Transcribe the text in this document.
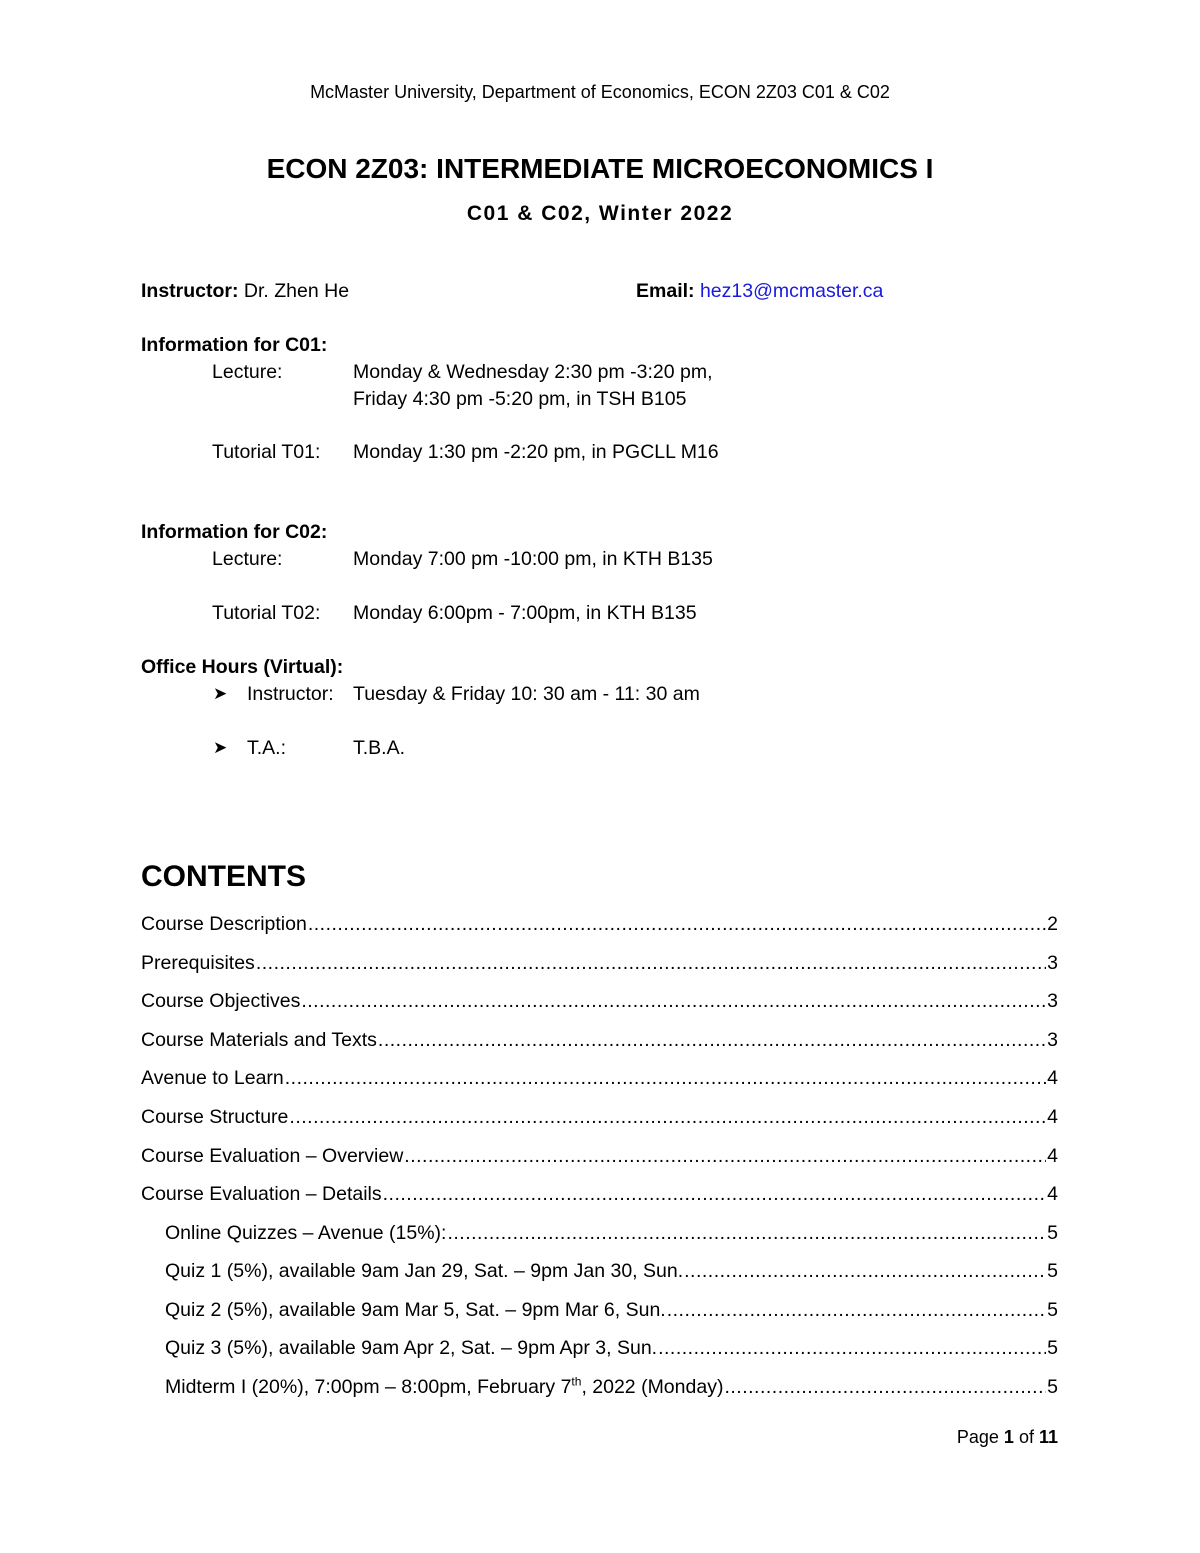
McMaster University, Department of Economics, ECON 2Z03 C01 & C02
ECON 2Z03: INTERMEDIATE MICROECONOMICS I
C01 & C02, Winter 2022
Instructor: Dr. Zhen He	Email: hez13@mcmaster.ca
Information for C01:
Lecture:	Monday & Wednesday 2:30 pm -3:20 pm,
Friday 4:30 pm -5:20 pm, in TSH B105
Tutorial T01: Monday 1:30 pm -2:20 pm, in PGCLL M16
Information for C02:
Lecture:	Monday 7:00 pm -10:00 pm, in KTH B135
Tutorial T02: Monday 6:00pm - 7:00pm, in KTH B135
Office Hours (Virtual):
➤ Instructor: Tuesday & Friday 10: 30 am - 11: 30 am
➤ T.A.:	T.B.A.
CONTENTS
Course Description .....	2
Prerequisites .....	3
Course Objectives .....	3
Course Materials and Texts .....	3
Avenue to Learn .....	4
Course Structure .....	4
Course Evaluation – Overview .....	4
Course Evaluation – Details .....	4
Online Quizzes – Avenue (15%): .....	5
Quiz 1 (5%), available 9am Jan 29, Sat. – 9pm Jan 30, Sun. .....	5
Quiz 2 (5%), available 9am Mar 5, Sat. – 9pm Mar 6, Sun. .....	5
Quiz 3 (5%), available 9am Apr 2, Sat. – 9pm Apr 3, Sun. .....	5
Midterm I (20%), 7:00pm – 8:00pm, February 7th, 2022 (Monday) .....	5
Page 1 of 11
